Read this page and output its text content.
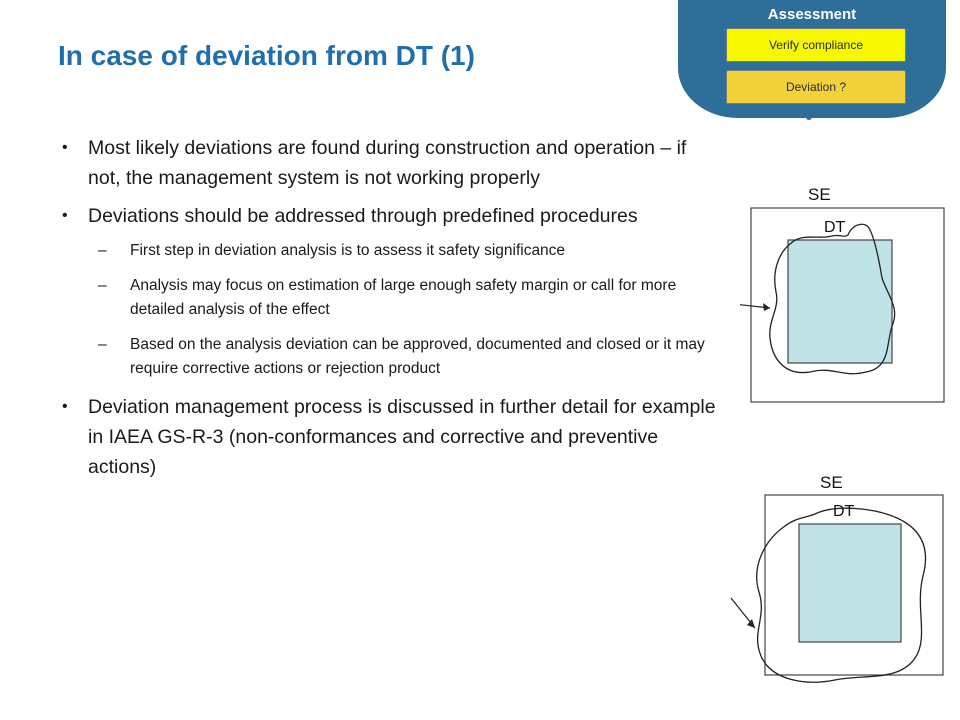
In case of deviation from DT (1)
Assessment
Verify compliance
Deviation ?
• Most likely deviations are found during construction and operation – if not, the management system is not working properly
• Deviations should be addressed through predefined procedures
– First step in deviation analysis is to assess it safety significance
– Analysis may focus on estimation of large enough safety margin or call for more detailed analysis of the effect
– Based on the analysis deviation can be approved, documented and closed or it may require corrective actions or rejection product
• Deviation management process is discussed in further detail for example in IAEA GS-R-3 (non-conformances and corrective and preventive actions)
SE
DT
SE
DT
